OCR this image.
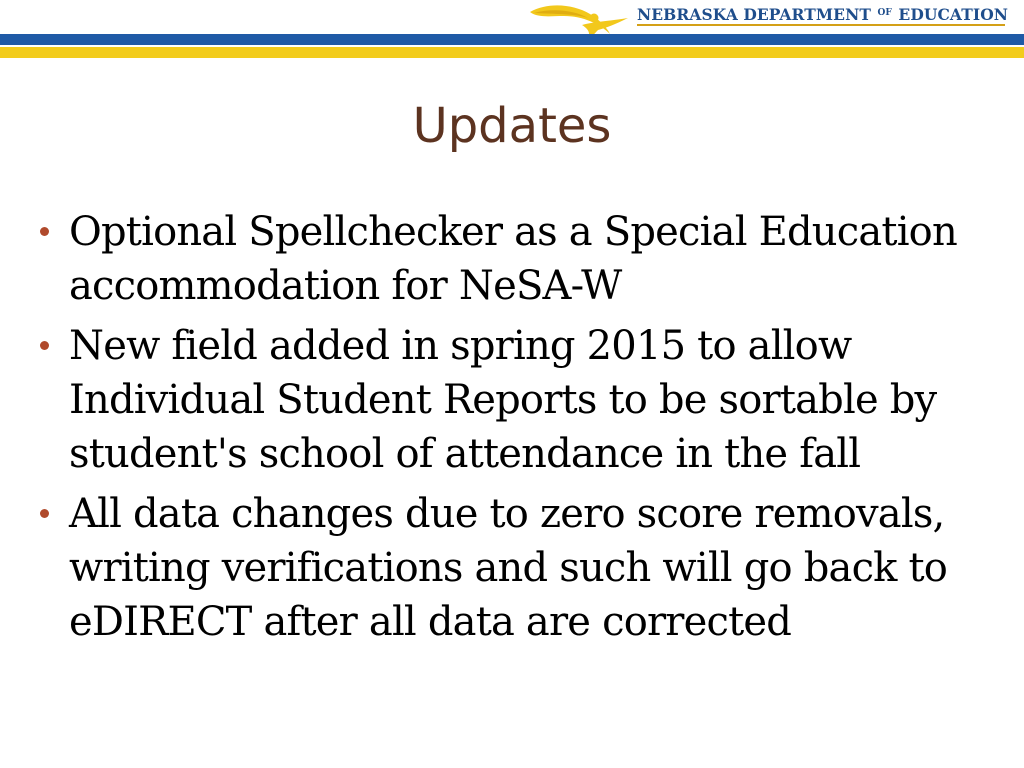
NEBRASKA DEPARTMENT $^{OF}$ EDUCATION
Updates
Optional Spellchecker as a Special Education accommodation for NeSA-W
New field added in spring 2015 to allow Individual Student Reports to be sortable by student's school of attendance in the fall
All data changes due to zero score removals, writing verifications and such will go back to eDIRECT after all data are corrected
